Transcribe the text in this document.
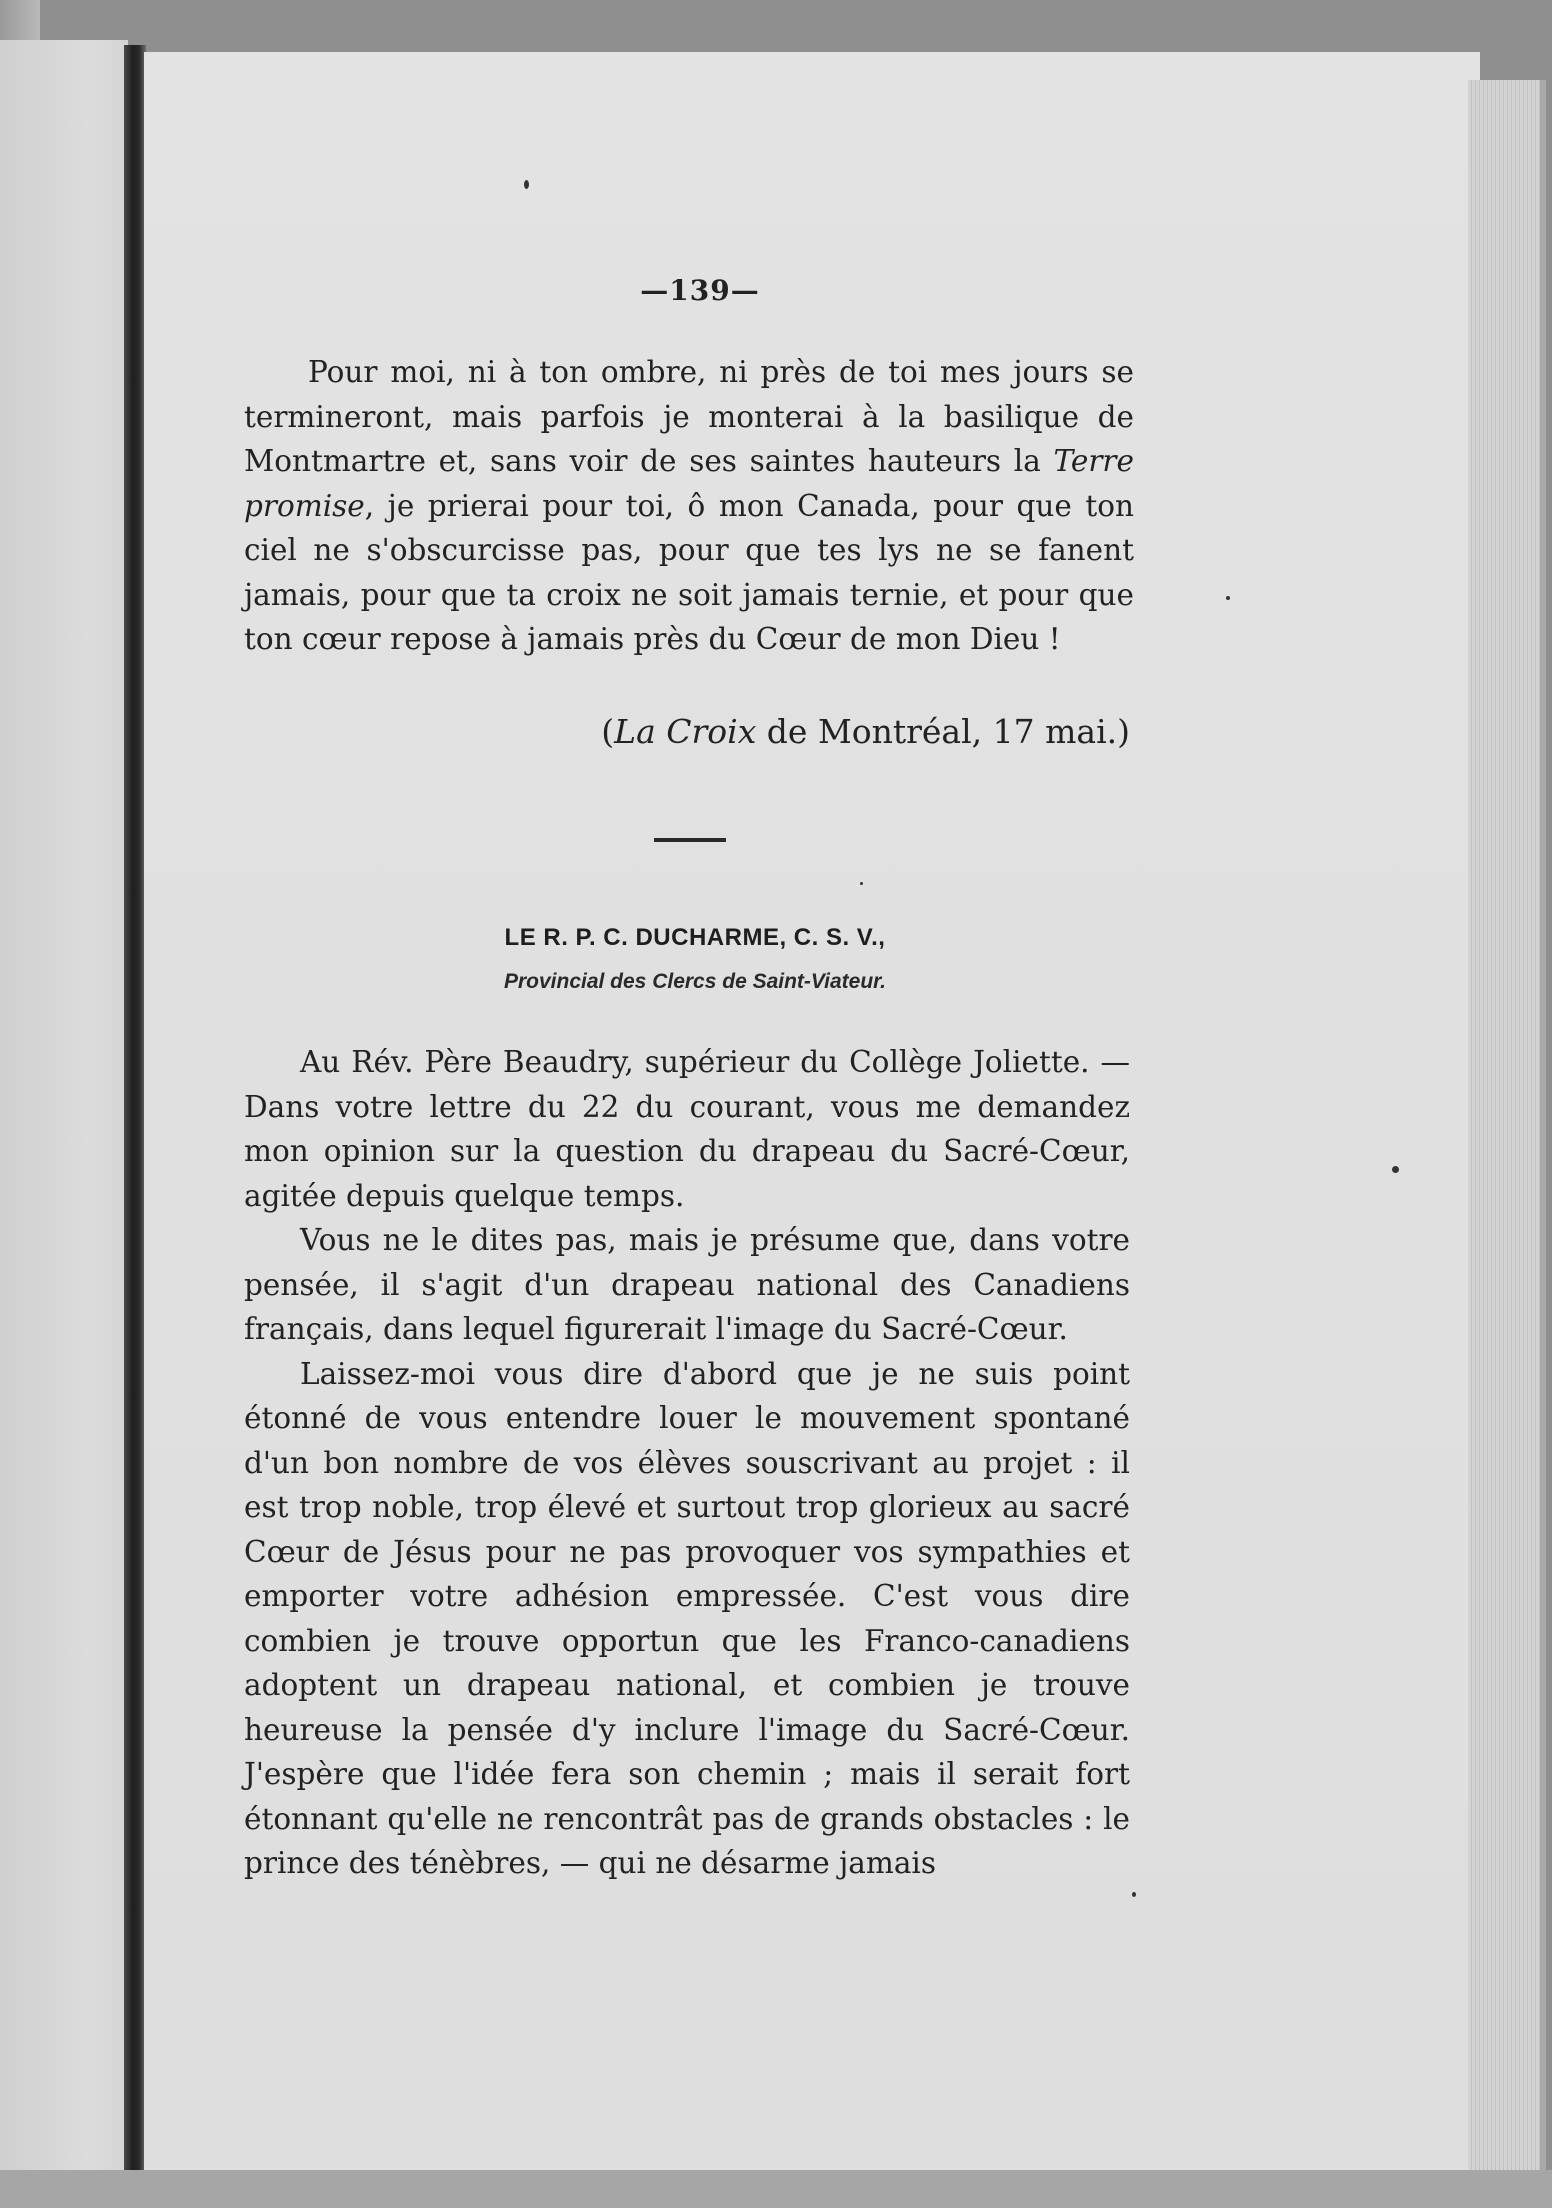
—139—
Pour moi, ni à ton ombre, ni près de toi mes jours se termineront, mais parfois je monterai à la basilique de Montmartre et, sans voir de ses saintes hauteurs la Terre promise, je prierai pour toi, ô mon Canada, pour que ton ciel ne s'obscurcisse pas, pour que tes lys ne se fanent jamais, pour que ta croix ne soit jamais ternie, et pour que ton cœur repose à jamais près du Cœur de mon Dieu !
(La Croix de Montréal, 17 mai.)
LE R. P. C. DUCHARME, C. S. V.,
Provincial des Clercs de Saint-Viateur.

Au Rév. Père Beaudry, supérieur du Collège Joliette. — Dans votre lettre du 22 du courant, vous me demandez mon opinion sur la question du drapeau du Sacré-Cœur, agitée depuis quelque temps.

Vous ne le dites pas, mais je présume que, dans votre pensée, il s'agit d'un drapeau national des Canadiens français, dans lequel figurerait l'image du Sacré-Cœur.

Laissez-moi vous dire d'abord que je ne suis point étonné de vous entendre louer le mouvement spontané d'un bon nombre de vos élèves souscrivant au projet : il est trop noble, trop élevé et surtout trop glorieux au sacré Cœur de Jésus pour ne pas provoquer vos sympathies et emporter votre adhésion empressée. C'est vous dire combien je trouve opportun que les Franco-canadiens adoptent un drapeau national, et combien je trouve heureuse la pensée d'y inclure l'image du Sacré-Cœur. J'espère que l'idée fera son chemin ; mais il serait fort étonnant qu'elle ne rencontrât pas de grands obstacles : le prince des ténèbres, — qui ne désarme jamais
